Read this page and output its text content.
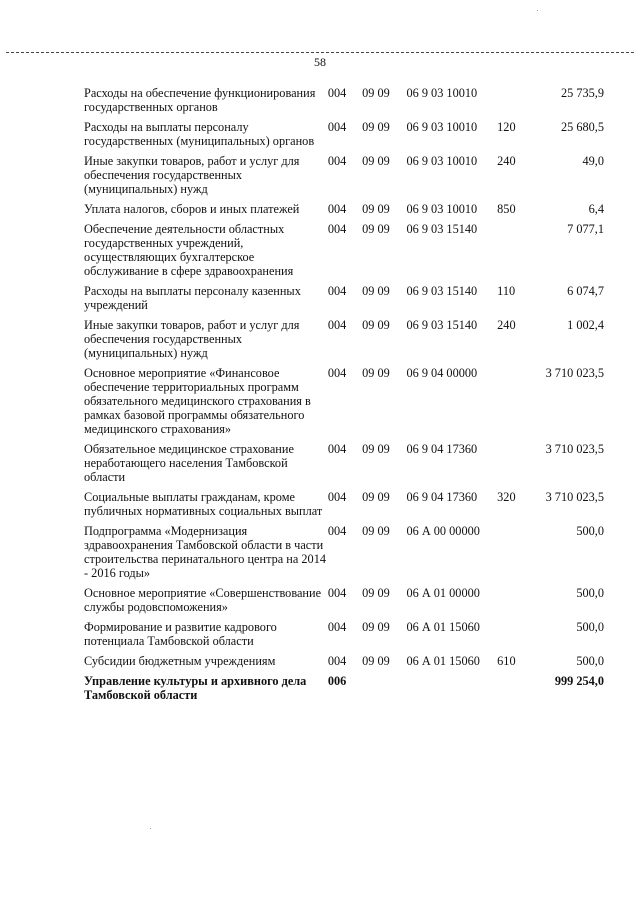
58
Расходы на обеспечение функционирования государственных органов	004	09 09	06 9 03 10010		25 735,9
Расходы на выплаты персоналу государственных (муниципальных) органов	004	09 09	06 9 03 10010	120	25 680,5
Иные закупки товаров, работ и услуг для обеспечения государственных (муниципальных) нужд	004	09 09	06 9 03 10010	240	49,0
Уплата налогов, сборов и иных платежей	004	09 09	06 9 03 10010	850	6,4
Обеспечение деятельности областных государственных учреждений, осуществляющих бухгалтерское обслуживание в сфере здравоохранения	004	09 09	06 9 03 15140		7 077,1
Расходы на выплаты персоналу казенных учреждений	004	09 09	06 9 03 15140	110	6 074,7
Иные закупки товаров, работ и услуг для обеспечения государственных (муниципальных) нужд	004	09 09	06 9 03 15140	240	1 002,4
Основное мероприятие «Финансовое обеспечение территориальных программ обязательного медицинского страхования в рамках базовой программы обязательного медицинского страхования»	004	09 09	06 9 04 00000		3 710 023,5
Обязательное медицинское страхование неработающего населения Тамбовской области	004	09 09	06 9 04 17360		3 710 023,5
Социальные выплаты гражданам, кроме публичных нормативных социальных выплат	004	09 09	06 9 04 17360	320	3 710 023,5
Подпрограмма «Модернизация здравоохранения Тамбовской области в части строительства перинатального центра на 2014 - 2016 годы»	004	09 09	06 А 00 00000		500,0
Основное мероприятие «Совершенствование службы родовспоможения»	004	09 09	06 А 01 00000		500,0
Формирование и развитие кадрового потенциала Тамбовской области	004	09 09	06 А 01 15060		500,0
Субсидии бюджетным учреждениям	004	09 09	06 А 01 15060	610	500,0
Управление культуры и архивного дела Тамбовской области	006				999 254,0
